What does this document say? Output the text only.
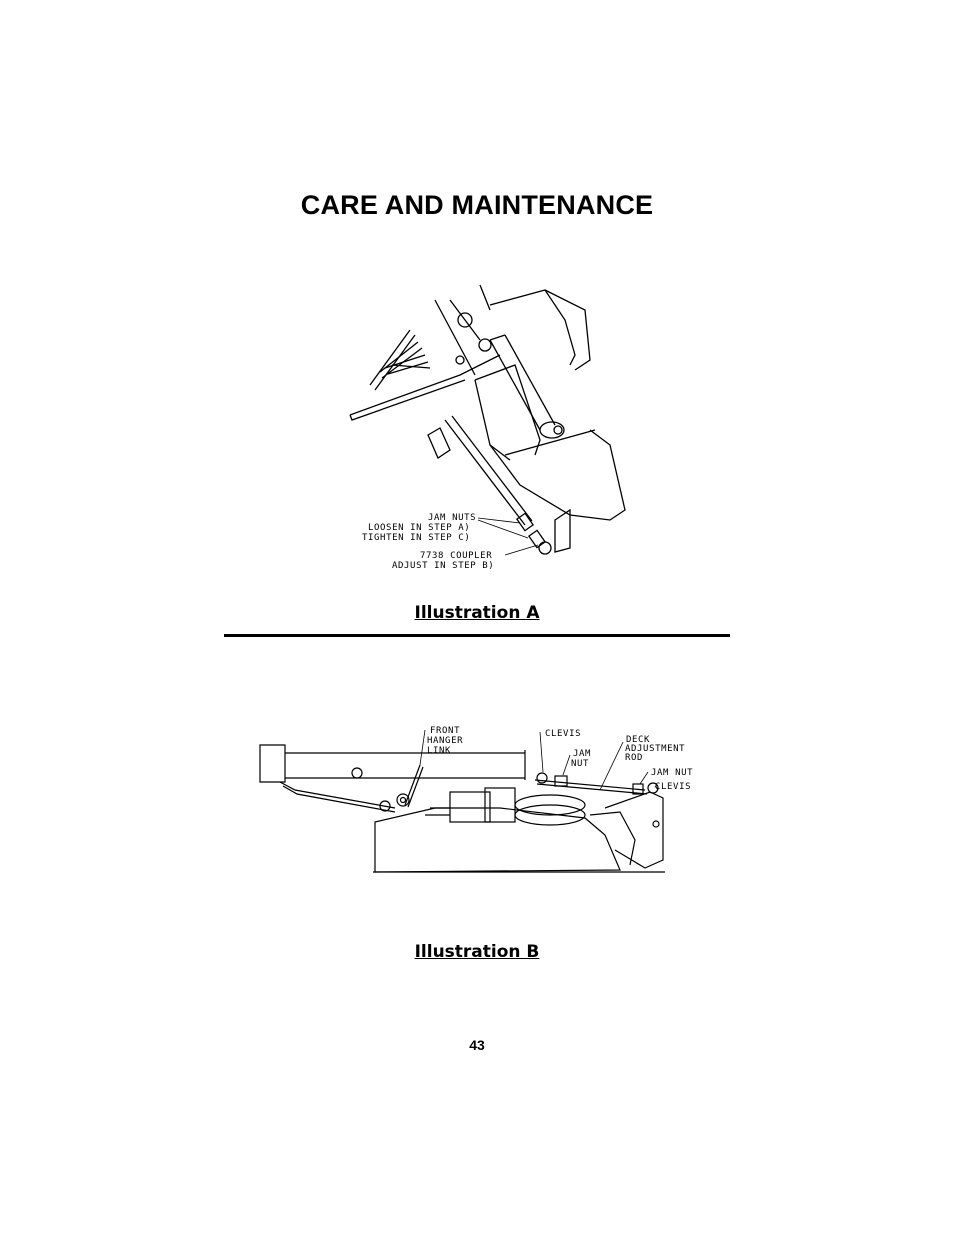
CARE AND MAINTENANCE
JAM NUTS
LOOSEN IN STEP A)
TIGHTEN IN STEP C)
7738 COUPLER
ADJUST IN STEP B)
Illustration A
FRONT
HANGER
LINK
CLEVIS
JAM
NUT
DECK
ADJUSTMENT
ROD
JAM NUT
CLEVIS
Illustration B
43
